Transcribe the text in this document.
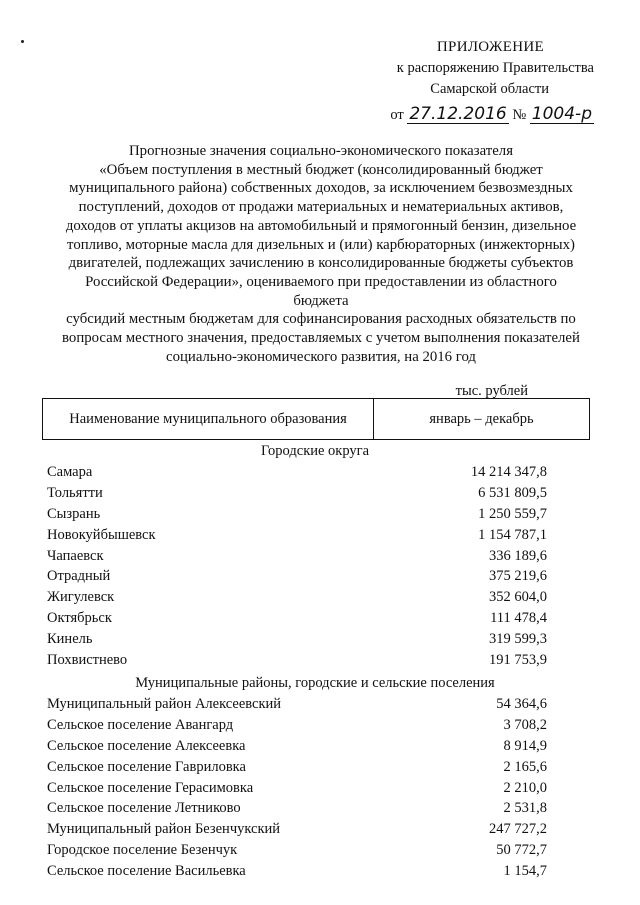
ПРИЛОЖЕНИЕ
к распоряжению Правительства
Самарской области
от 27.12.2016 № 1004-р
Прогнозные значения социально-экономического показателя
«Объем поступления в местный бюджет (консолидированный бюджет
муниципального района) собственных доходов, за исключением безвозмездных
поступлений, доходов от продажи материальных и нематериальных активов,
доходов от уплаты акцизов на автомобильный и прямогонный бензин, дизельное
топливо, моторные масла для дизельных и (или) карбюраторных (инжекторных)
двигателей, подлежащих зачислению в консолидированные бюджеты субъектов
Российской Федерации», оцениваемого при предоставлении из областного бюджета
субсидий местным бюджетам для софинансирования расходных обязательств по
вопросам местного значения, предоставляемых с учетом выполнения показателей
социально-экономического развития, на 2016 год
тыс. рублей
Наименование муниципального образования	январь – декабрь
Городские округа
Самара	14 214 347,8
Тольятти	6 531 809,5
Сызрань	1 250 559,7
Новокуйбышевск	1 154 787,1
Чапаевск	336 189,6
Отрадный	375 219,6
Жигулевск	352 604,0
Октябрьск	111 478,4
Кинель	319 599,3
Похвистнево	191 753,9
Муниципальные районы, городские и сельские поселения
Муниципальный район Алексеевский	54 364,6
Сельское поселение Авангард	3 708,2
Сельское поселение Алексеевка	8 914,9
Сельское поселение Гавриловка	2 165,6
Сельское поселение Герасимовка	2 210,0
Сельское поселение Летниково	2 531,8
Муниципальный район Безенчукский	247 727,2
Городское поселение Безенчук	50 772,7
Сельское поселение Васильевка	1 154,7
